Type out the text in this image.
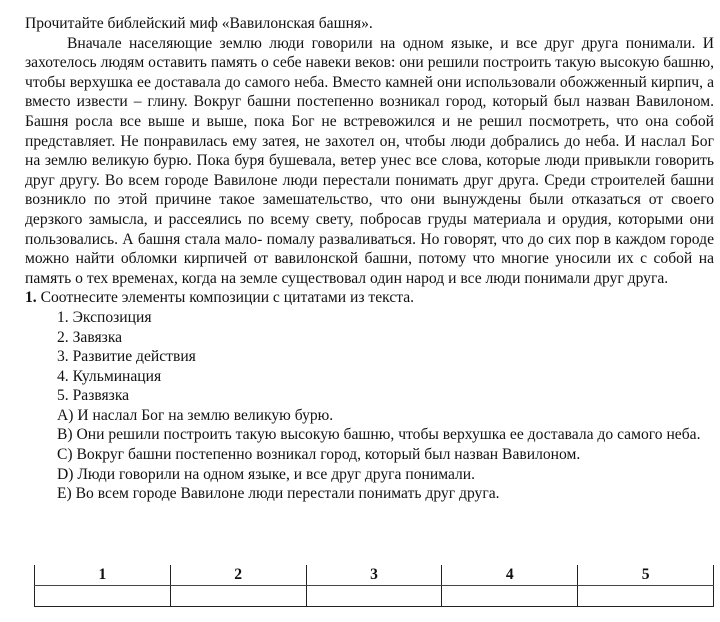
Прочитайте библейский миф «Вавилонская башня».

Вначале населяющие землю люди говорили на одном языке, и все друг друга понимали. И захотелось людям оставить память о себе навеки веков: они решили построить такую высокую башню, чтобы верхушка ее доставала до самого неба. Вместо камней они использовали обожженный кирпич, а вместо извести – глину. Вокруг башни постепенно возникал город, который был назван Вавилоном. Башня росла все выше и выше, пока Бог не встревожился и не решил посмотреть, что она собой представляет. Не понравилась ему затея, не захотел он, чтобы люди добрались до неба. И наслал Бог на землю великую бурю. Пока буря бушевала, ветер унес все слова, которые люди привыкли говорить друг другу. Во всем городе Вавилоне люди перестали понимать друг друга. Среди строителей башни возникло по этой причине такое замешательство, что они вынуждены были отказаться от своего дерзкого замысла, и рассеялись по всему свету, побросав груды материала и орудия, которыми они пользовались. А башня стала мало- помалу разваливаться. Но говорят, что до сих пор в каждом городе можно найти обломки кирпичей от вавилонской башни, потому что многие уносили их с собой на память о тех временах, когда на земле существовал один народ и все люди понимали друг друга.

1. Соотнесите элементы композиции с цитатами из текста.

1. Экспозиция
2. Завязка
3. Развитие действия
4. Кульминация
5. Развязка
А) И наслал Бог на землю великую бурю.
В) Они решили построить такую высокую башню, чтобы верхушка ее доставала до самого неба.
С) Вокруг башни постепенно возникал город, который был назван Вавилоном.
D) Люди говорили на одном языке, и все друг друга понимали.
Е) Во всем городе Вавилоне люди перестали понимать друг друга.
1	2	3	4	5
